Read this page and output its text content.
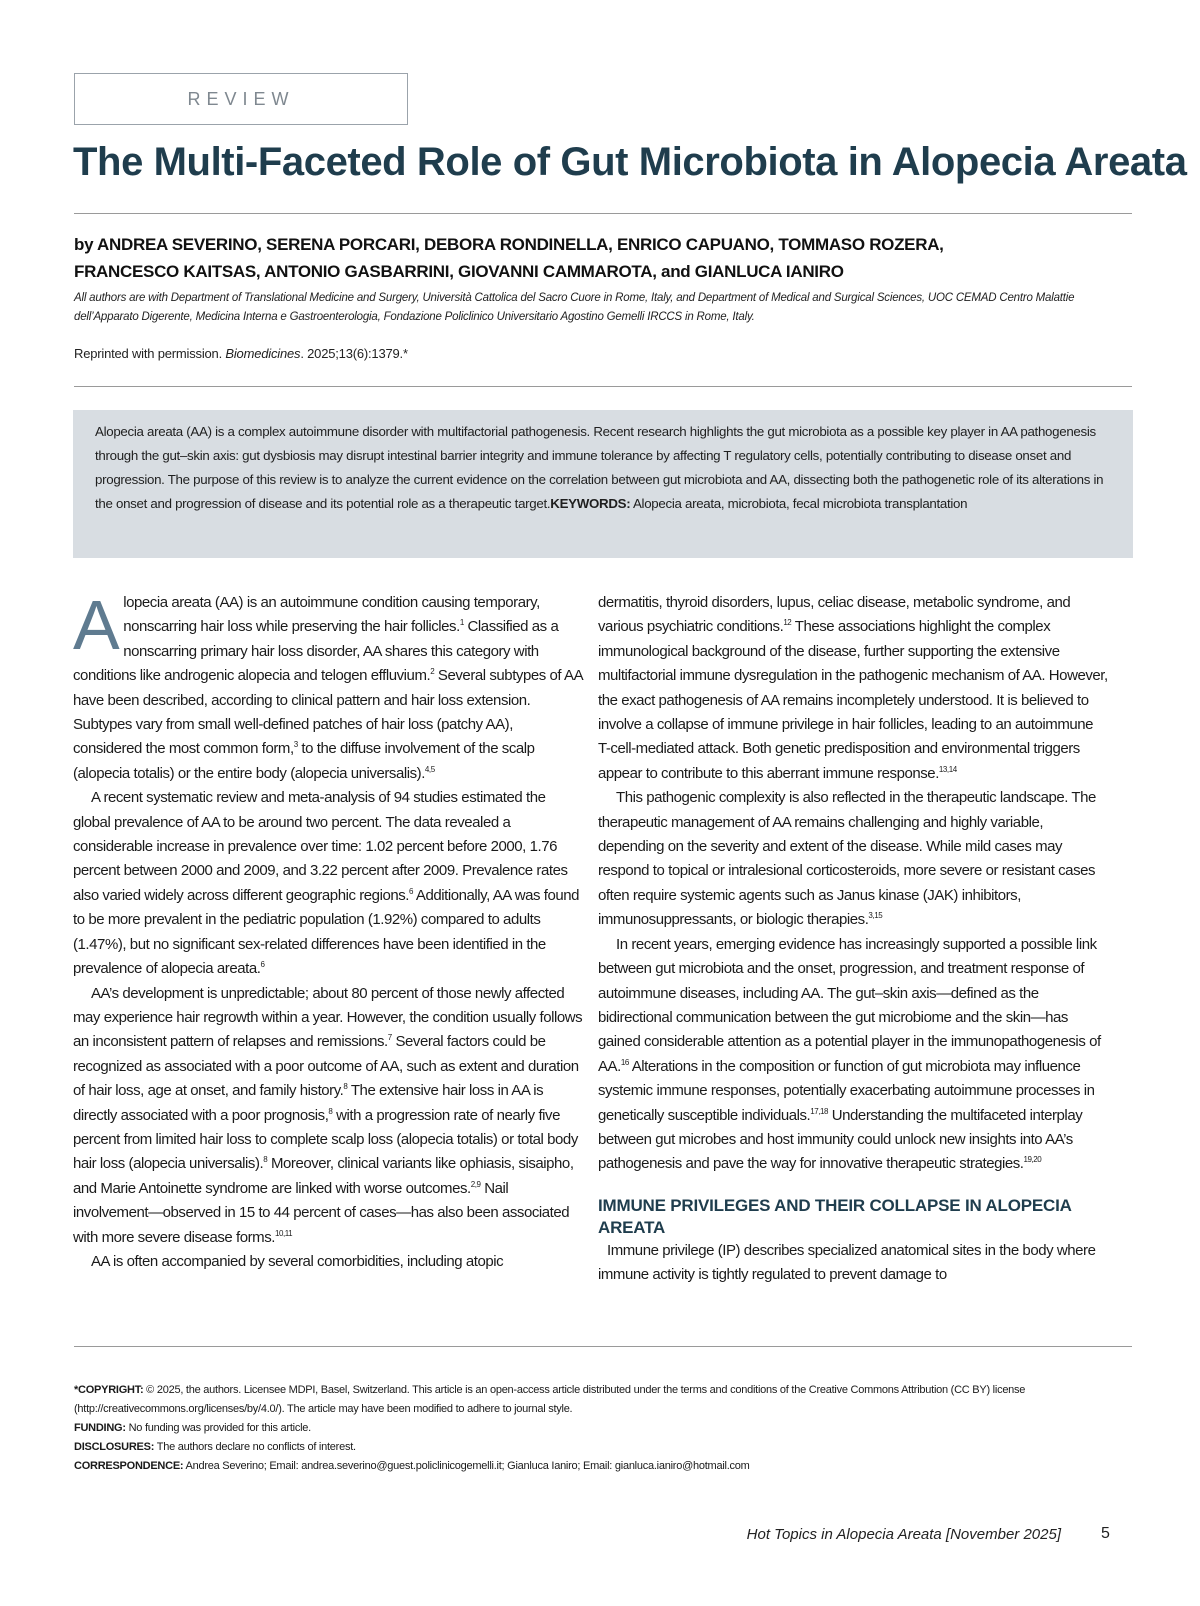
REVIEW
The Multi-Faceted Role of Gut Microbiota in Alopecia Areata
by ANDREA SEVERINO, SERENA PORCARI, DEBORA RONDINELLA, ENRICO CAPUANO, TOMMASO ROZERA,
FRANCESCO KAITSAS, ANTONIO GASBARRINI, GIOVANNI CAMMAROTA, and GIANLUCA IANIRO
All authors are with Department of Translational Medicine and Surgery, Università Cattolica del Sacro Cuore in Rome, Italy, and Department of Medical and Surgical Sciences, UOC CEMAD Centro Malattie dell’Apparato Digerente, Medicina Interna e Gastroenterologia, Fondazione Policlinico Universitario Agostino Gemelli IRCCS in Rome, Italy.
Reprinted with permission. Biomedicines. 2025;13(6):1379.*
Alopecia areata (AA) is a complex autoimmune disorder with multifactorial pathogenesis. Recent research highlights the gut microbiota as a possible key player in AA pathogenesis through the gut–skin axis: gut dysbiosis may disrupt intestinal barrier integrity and immune tolerance by affecting T regulatory cells, potentially contributing to disease onset and progression. The purpose of this review is to analyze the current evidence on the correlation between gut microbiota and AA, dissecting both the pathogenetic role of its alterations in the onset and progression of disease and its potential role as a therapeutic target.KEYWORDS: Alopecia areata, microbiota, fecal microbiota transplantation

Alopecia areata (AA) is an autoimmune condition causing temporary, nonscarring hair loss while preserving the hair follicles.$^1$ Classified as a nonscarring primary hair loss disorder, AA shares this category with conditions like androgenic alopecia and telogen effluvium.$^2$ Several subtypes of AA have been described, according to clinical pattern and hair loss extension. Subtypes vary from small well-defined patches of hair loss (patchy AA), considered the most common form,$^3$ to the diffuse involvement of the scalp (alopecia totalis) or the entire body (alopecia universalis).$^{4,5}$

A recent systematic review and meta-analysis of 94 studies estimated the global prevalence of AA to be around two percent. The data revealed a considerable increase in prevalence over time: 1.02 percent before 2000, 1.76 percent between 2000 and 2009, and 3.22 percent after 2009. Prevalence rates also varied widely across different geographic regions.$^6$ Additionally, AA was found to be more prevalent in the pediatric population (1.92%) compared to adults (1.47%), but no significant sex-related differences have been identified in the prevalence of alopecia areata.$^6$

AA’s development is unpredictable; about 80 percent of those newly affected may experience hair regrowth within a year. However, the condition usually follows an inconsistent pattern of relapses and remissions.$^7$ Several factors could be recognized as associated with a poor outcome of AA, such as extent and duration of hair loss, age at onset, and family history.$^8$ The extensive hair loss in AA is directly associated with a poor prognosis,$^8$ with a progression rate of nearly five percent from limited hair loss to complete scalp loss (alopecia totalis) or total body hair loss (alopecia universalis).$^8$ Moreover, clinical variants like ophiasis, sisaipho, and Marie Antoinette syndrome are linked with worse outcomes.$^{2,9}$ Nail involvement—observed in 15 to 44 percent of cases—has also been associated with more severe disease forms.$^{10,11}$

AA is often accompanied by several comorbidities, including atopic

dermatitis, thyroid disorders, lupus, celiac disease, metabolic syndrome, and various psychiatric conditions.$^{12}$ These associations highlight the complex immunological background of the disease, further supporting the extensive multifactorial immune dysregulation in the pathogenic mechanism of AA. However, the exact pathogenesis of AA remains incompletely understood. It is believed to involve a collapse of immune privilege in hair follicles, leading to an autoimmune T-cell-mediated attack. Both genetic predisposition and environmental triggers appear to contribute to this aberrant immune response.$^{13,14}$

This pathogenic complexity is also reflected in the therapeutic landscape. The therapeutic management of AA remains challenging and highly variable, depending on the severity and extent of the disease. While mild cases may respond to topical or intralesional corticosteroids, more severe or resistant cases often require systemic agents such as Janus kinase (JAK) inhibitors, immunosuppressants, or biologic therapies.$^{3,15}$

In recent years, emerging evidence has increasingly supported a possible link between gut microbiota and the onset, progression, and treatment response of autoimmune diseases, including AA. The gut–skin axis—defined as the bidirectional communication between the gut microbiome and the skin—has gained considerable attention as a potential player in the immunopathogenesis of AA.$^{16}$ Alterations in the composition or function of gut microbiota may influence systemic immune responses, potentially exacerbating autoimmune processes in genetically susceptible individuals.$^{17,18}$ Understanding the multifaceted interplay between gut microbes and host immunity could unlock new insights into AA’s pathogenesis and pave the way for innovative therapeutic strategies.$^{19,20}$

IMMUNE PRIVILEGES AND THEIR COLLAPSE IN ALOPECIA AREATA

Immune privilege (IP) describes specialized anatomical sites in the body where immune activity is tightly regulated to prevent damage to

*COPYRIGHT: © 2025, the authors. Licensee MDPI, Basel, Switzerland. This article is an open-access article distributed under the terms and conditions of the Creative Commons Attribution (CC BY) license (http://creativecommons.org/licenses/by/4.0/). The article may have been modified to adhere to journal style.
FUNDING: No funding was provided for this article.
DISCLOSURES: The authors declare no conflicts of interest.
CORRESPONDENCE: Andrea Severino; Email: andrea.severino@guest.policlinicogemelli.it; Gianluca Ianiro; Email: gianluca.ianiro@hotmail.com
Hot Topics in Alopecia Areata [November 2025]	5
